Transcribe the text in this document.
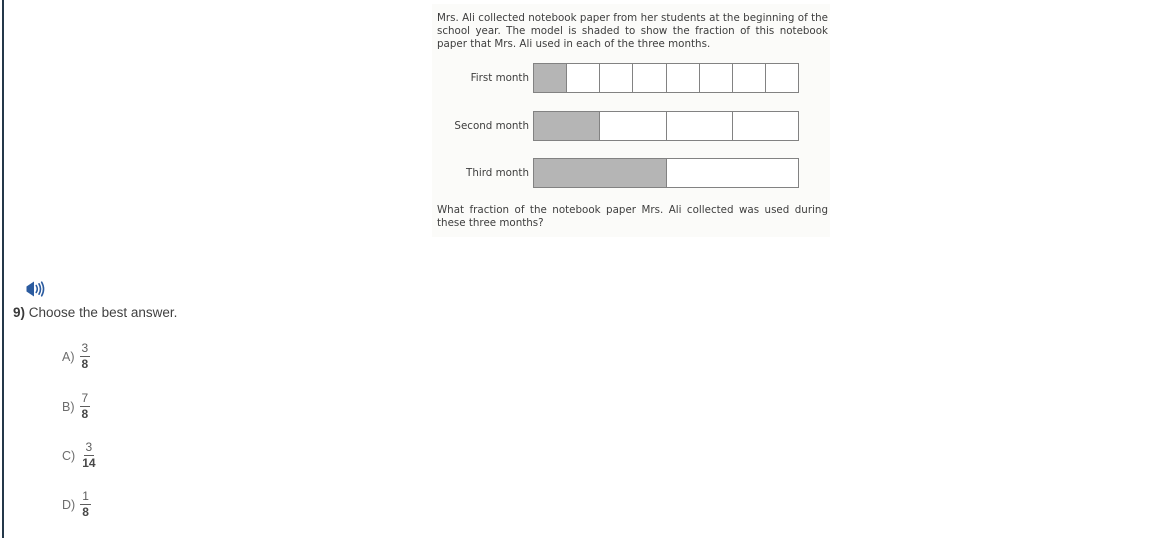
Mrs. Ali collected notebook paper from her students at the beginning of the school year. The model is shaded to show the fraction of this notebook paper that Mrs. Ali used in each of the three months.
First month
Second month
Third month
What fraction of the notebook paper Mrs. Ali collected was used during these three months?
9) Choose the best answer.
$A) \frac{3}{8}$
$B) \frac{7}{8}$
$C) \frac{3}{14}$
$D) \frac{1}{8}$
